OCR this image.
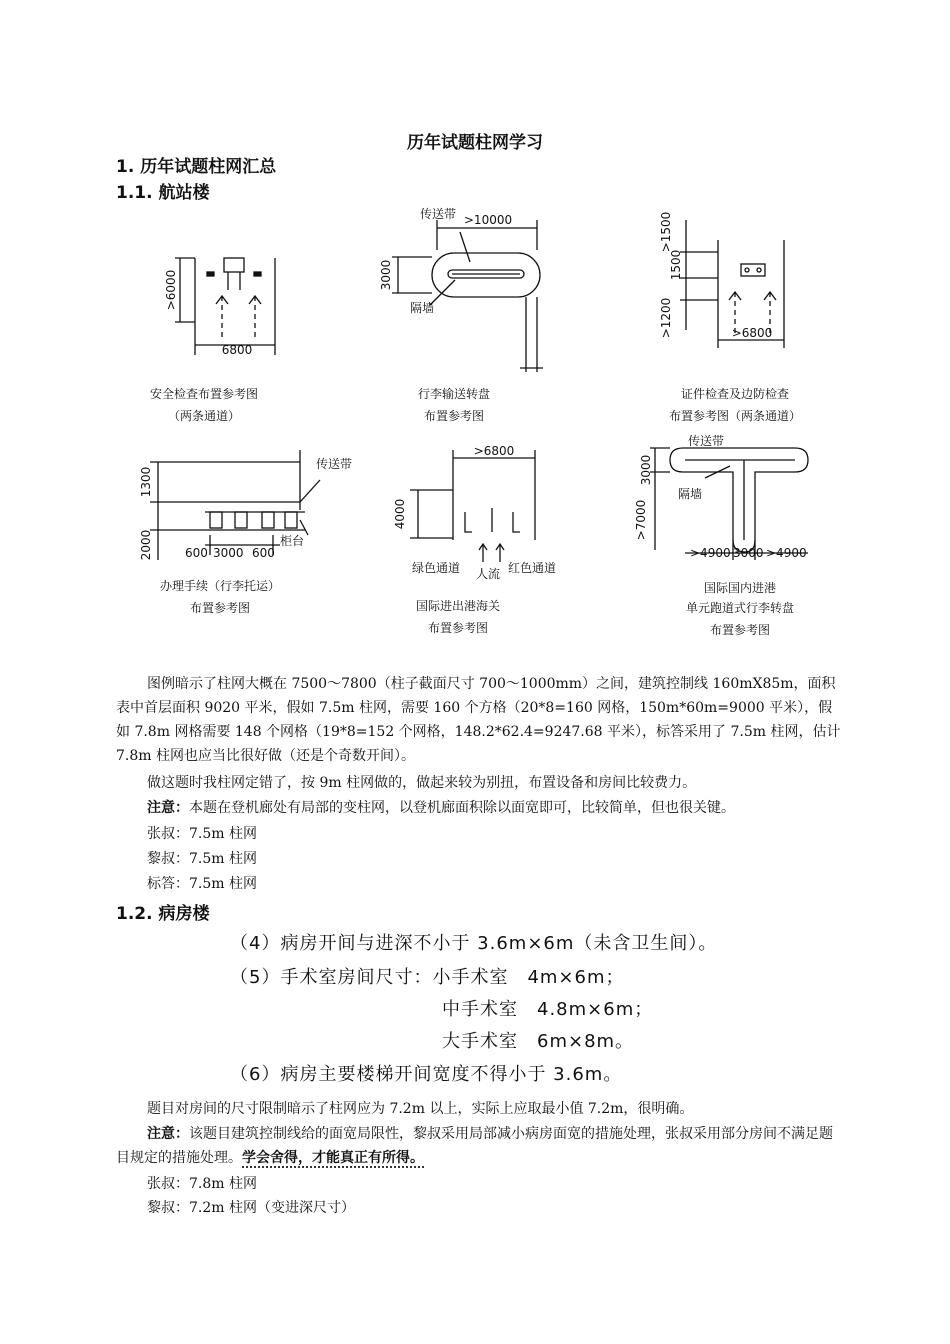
历年试题柱网学习
1. 历年试题柱网汇总
1.1. 航站楼
>6000
6800
安全检查布置参考图
（两条通道）
传送带 >10000
3000
隔墙
行李输送转盘
布置参考图
>1500
1500
>1200	>6800
证件检查及边防检查
布置参考图（两条通道）
1300
2000
传送带
柜台
600 3000 600
办理手续（行李托运）
布置参考图
>6800
4000
绿色通道 人流 红色通道
国际进出港海关
布置参考图
传送带
3000
>7000
隔墙
>4900 3000 >4900
国际国内进港
单元跑道式行李转盘
布置参考图
图例暗示了柱网大概在 7500～7800（柱子截面尺寸 700～1000mm）之间，建筑控制线 160mX85m，面积表中首层面积 9020 平米，假如 7.5m 柱网，需要 160 个方格（20*8=160 网格，150m*60m=9000 平米），假如 7.8m 网格需要 148 个网格（19*8=152 个网格，148.2*62.4=9247.68 平米），标答采用了 7.5m 柱网，估计 7.8m 柱网也应当比很好做（还是个奇数开间）。
做这题时我柱网定错了，按 9m 柱网做的，做起来较为别扭，布置设备和房间比较费力。
注意：本题在登机廊处有局部的变柱网，以登机廊面积除以面宽即可，比较简单，但也很关键。
张叔：7.5m 柱网
黎叔：7.5m 柱网
标答：7.5m 柱网
1.2. 病房楼
（4）病房开间与进深不小于 3.6m×6m（未含卫生间）。
（5）手术室房间尺寸：小手术室　4m×6m；
中手术室　4.8m×6m；
大手术室　6m×8m。
（6）病房主要楼梯开间宽度不得小于 3.6m。
题目对房间的尺寸限制暗示了柱网应为 7.2m 以上，实际上应取最小值 7.2m，很明确。
注意：该题目建筑控制线给的面宽局限性，黎叔采用局部减小病房面宽的措施处理，张叔采用部分房间不满足题目规定的措施处理。学会舍得，才能真正有所得。
张叔：7.8m 柱网
黎叔：7.2m 柱网（变进深尺寸）
